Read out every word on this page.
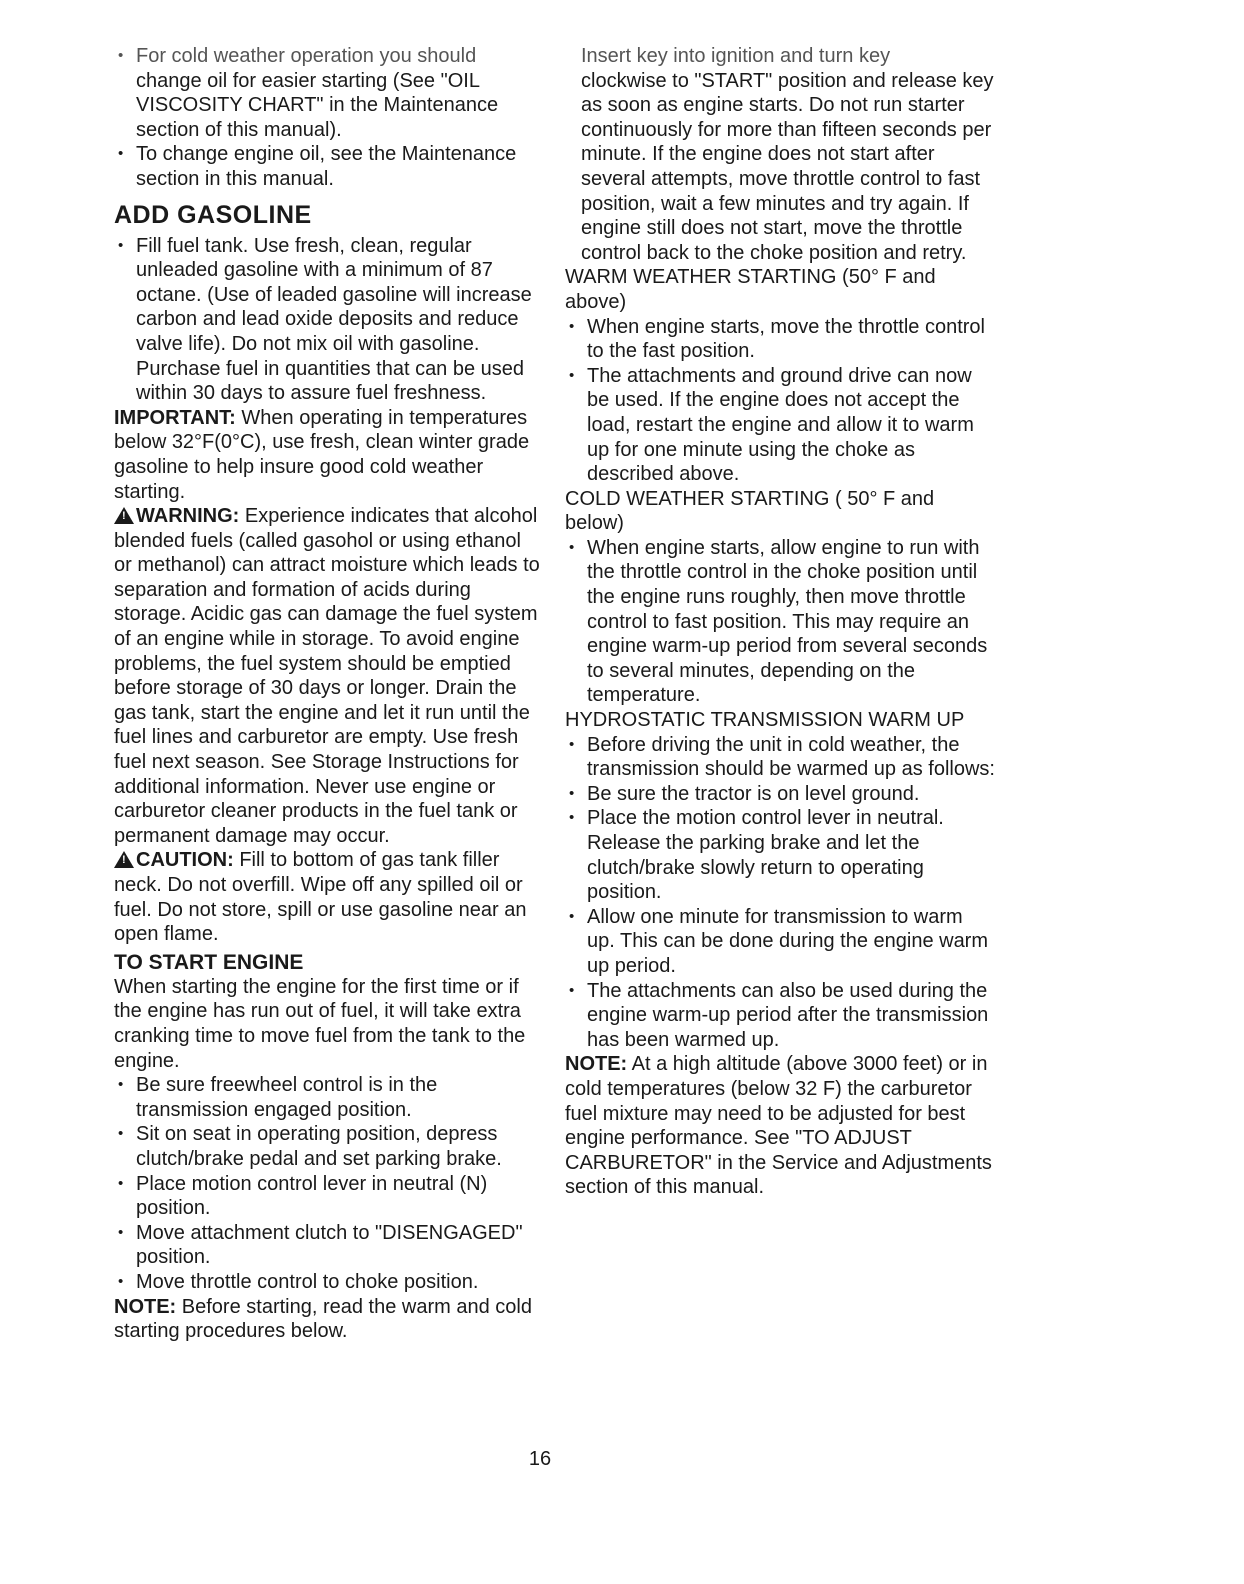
• For cold weather operation you should

change oil for easier starting (See "OIL VISCOSITY CHART" in the Maintenance section of this manual).

• To change engine oil, see the Maintenance section in this manual.

ADD GASOLINE

• Fill fuel tank. Use fresh, clean, regular unleaded gasoline with a minimum of 87 octane. (Use of leaded gasoline will increase carbon and lead oxide deposits and reduce valve life). Do not mix oil with gasoline. Purchase fuel in quantities that can be used within 30 days to assure fuel freshness.

IMPORTANT: When operating in temperatures below 32°F(0°C), use fresh, clean winter grade gasoline to help insure good cold weather starting.

!WARNING: Experience indicates that alcohol blended fuels (called gasohol or using ethanol or methanol) can attract moisture which leads to separation and formation of acids during storage. Acidic gas can damage the fuel system of an engine while in storage. To avoid engine problems, the fuel system should be emptied before storage of 30 days or longer. Drain the gas tank, start the engine and let it run until the fuel lines and carburetor are empty. Use fresh fuel next season. See Storage Instructions for additional information. Never use engine or carburetor cleaner products in the fuel tank or permanent damage may occur.

!CAUTION: Fill to bottom of gas tank filler neck. Do not overfill. Wipe off any spilled oil or fuel. Do not store, spill or use gasoline near an open flame.

TO START ENGINE

When starting the engine for the first time or if the engine has run out of fuel, it will take extra cranking time to move fuel from the tank to the engine.

• Be sure freewheel control is in the transmission engaged position.

• Sit on seat in operating position, depress clutch/brake pedal and set parking brake.

• Place motion control lever in neutral (N) position.

• Move attachment clutch to "DISENGAGED" position.

• Move throttle control to choke position.

NOTE: Before starting, read the warm and cold starting procedures below.

Insert key into ignition and turn key

clockwise to "START" position and release key as soon as engine starts. Do not run starter continuously for more than fifteen seconds per minute. If the engine does not start after several attempts, move throttle control to fast position, wait a few minutes and try again. If engine still does not start, move the throttle control back to the choke position and retry.

WARM WEATHER STARTING (50° F and above)

• When engine starts, move the throttle control to the fast position.

• The attachments and ground drive can now be used. If the engine does not accept the load, restart the engine and allow it to warm up for one minute using the choke as described above.

COLD WEATHER STARTING ( 50° F and below)

• When engine starts, allow engine to run with the throttle control in the choke position until the engine runs roughly, then move throttle control to fast position. This may require an engine warm-up period from several seconds to several minutes, depending on the temperature.

HYDROSTATIC TRANSMISSION WARM UP

• Before driving the unit in cold weather, the transmission should be warmed up as follows:

• Be sure the tractor is on level ground.

• Place the motion control lever in neutral. Release the parking brake and let the clutch/brake slowly return to operating position.

• Allow one minute for transmission to warm up. This can be done during the engine warm up period.

• The attachments can also be used during the engine warm-up period after the transmission has been warmed up.

NOTE: At a high altitude (above 3000 feet) or in cold temperatures (below 32 F) the carburetor fuel mixture may need to be adjusted for best engine performance. See "TO ADJUST CARBURETOR" in the Service and Adjustments section of this manual.

16
